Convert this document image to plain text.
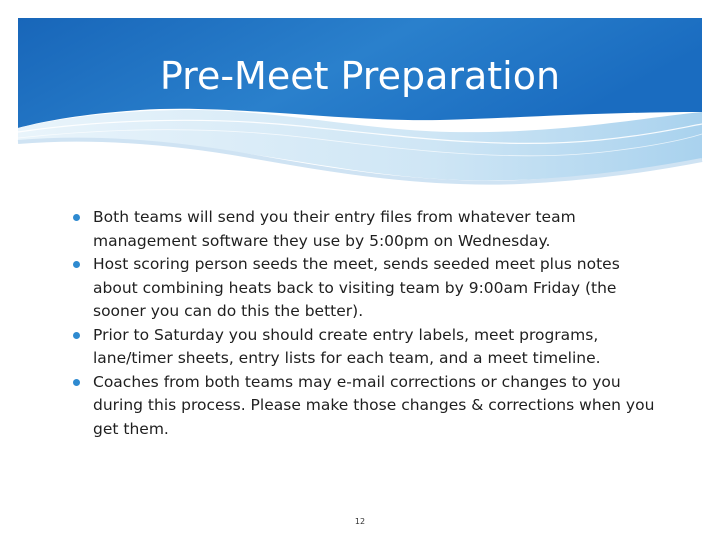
Pre-Meet Preparation
Both teams will send you their entry files from whatever team management software they use by 5:00pm on Wednesday.
Host scoring person seeds the meet, sends seeded meet plus notes about combining heats back to visiting team by 9:00am Friday (the sooner you can do this the better).
Prior to Saturday you should create entry labels, meet programs, lane/timer sheets, entry lists for each team, and a meet timeline.
Coaches from both teams may e-mail corrections or changes to you during this process. Please make those changes & corrections when you get them.
12
